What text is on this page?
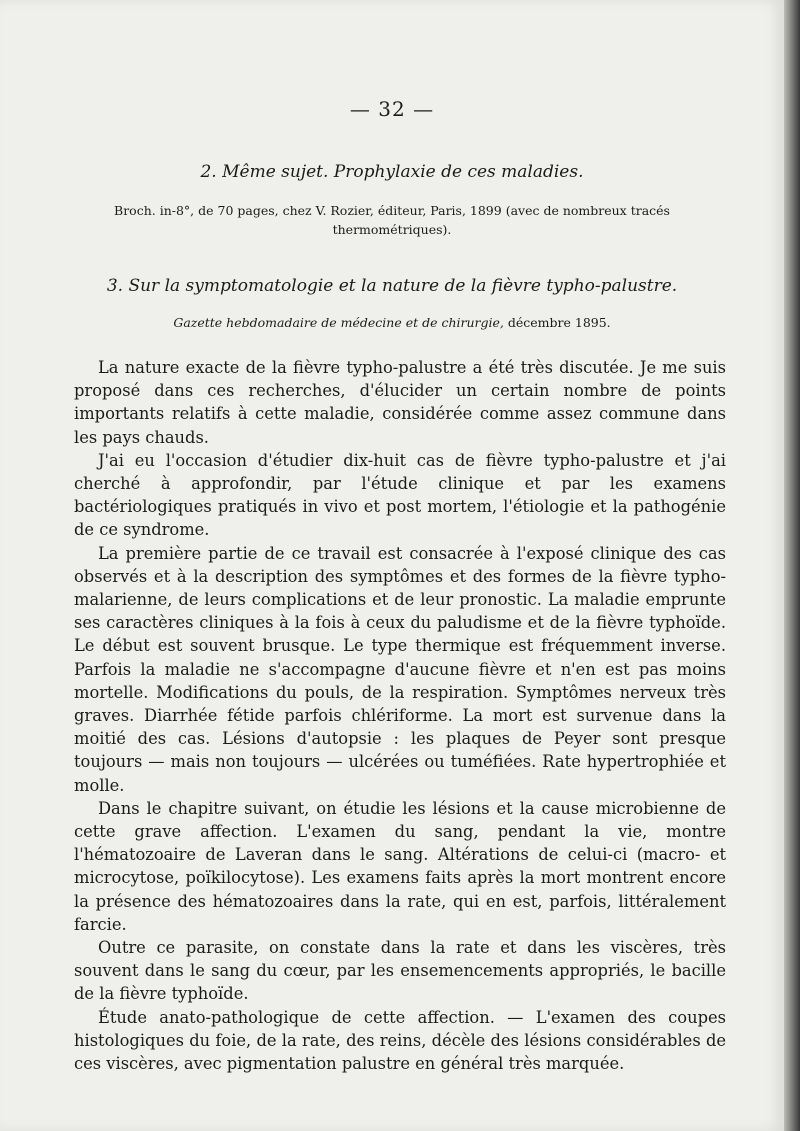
— 32 —
2. Même sujet. Prophylaxie de ces maladies.
Broch. in-8°, de 70 pages, chez V. Rozier, éditeur, Paris, 1899 (avec de nombreux tracés
thermométriques).
3. Sur la symptomatologie et la nature de la fièvre typho-palustre.
Gazette hebdomadaire de médecine et de chirurgie, décembre 1895.

La nature exacte de la fièvre typho-palustre a été très discutée. Je me suis proposé dans ces recherches, d'élucider un certain nombre de points importants relatifs à cette maladie, considérée comme assez commune dans les pays chauds.

J'ai eu l'occasion d'étudier dix-huit cas de fièvre typho-palustre et j'ai cherché à approfondir, par l'étude clinique et par les examens bactériologiques pratiqués in vivo et post mortem, l'étiologie et la pathogénie de ce syndrome.

La première partie de ce travail est consacrée à l'exposé clinique des cas observés et à la description des symptômes et des formes de la fièvre typho-malarienne, de leurs complications et de leur pronostic. La maladie emprunte ses caractères cliniques à la fois à ceux du paludisme et de la fièvre typhoïde. Le début est souvent brusque. Le type thermique est fréquemment inverse. Parfois la maladie ne s'accompagne d'aucune fièvre et n'en est pas moins mortelle. Modifications du pouls, de la respiration. Symptômes nerveux très graves. Diarrhée fétide parfois chlériforme. La mort est survenue dans la moitié des cas. Lésions d'autopsie : les plaques de Peyer sont presque toujours — mais non toujours — ulcérées ou tuméfiées. Rate hypertrophiée et molle.

Dans le chapitre suivant, on étudie les lésions et la cause microbienne de cette grave affection. L'examen du sang, pendant la vie, montre l'hématozoaire de Laveran dans le sang. Altérations de celui-ci (macro- et microcytose, poïkilocytose). Les examens faits après la mort montrent encore la présence des hématozoaires dans la rate, qui en est, parfois, littéralement farcie.

Outre ce parasite, on constate dans la rate et dans les viscères, très souvent dans le sang du cœur, par les ensemencements appropriés, le bacille de la fièvre typhoïde.

Étude anato-pathologique de cette affection. — L'examen des coupes histologiques du foie, de la rate, des reins, décèle des lésions considérables de ces viscères, avec pigmentation palustre en général très marquée.
